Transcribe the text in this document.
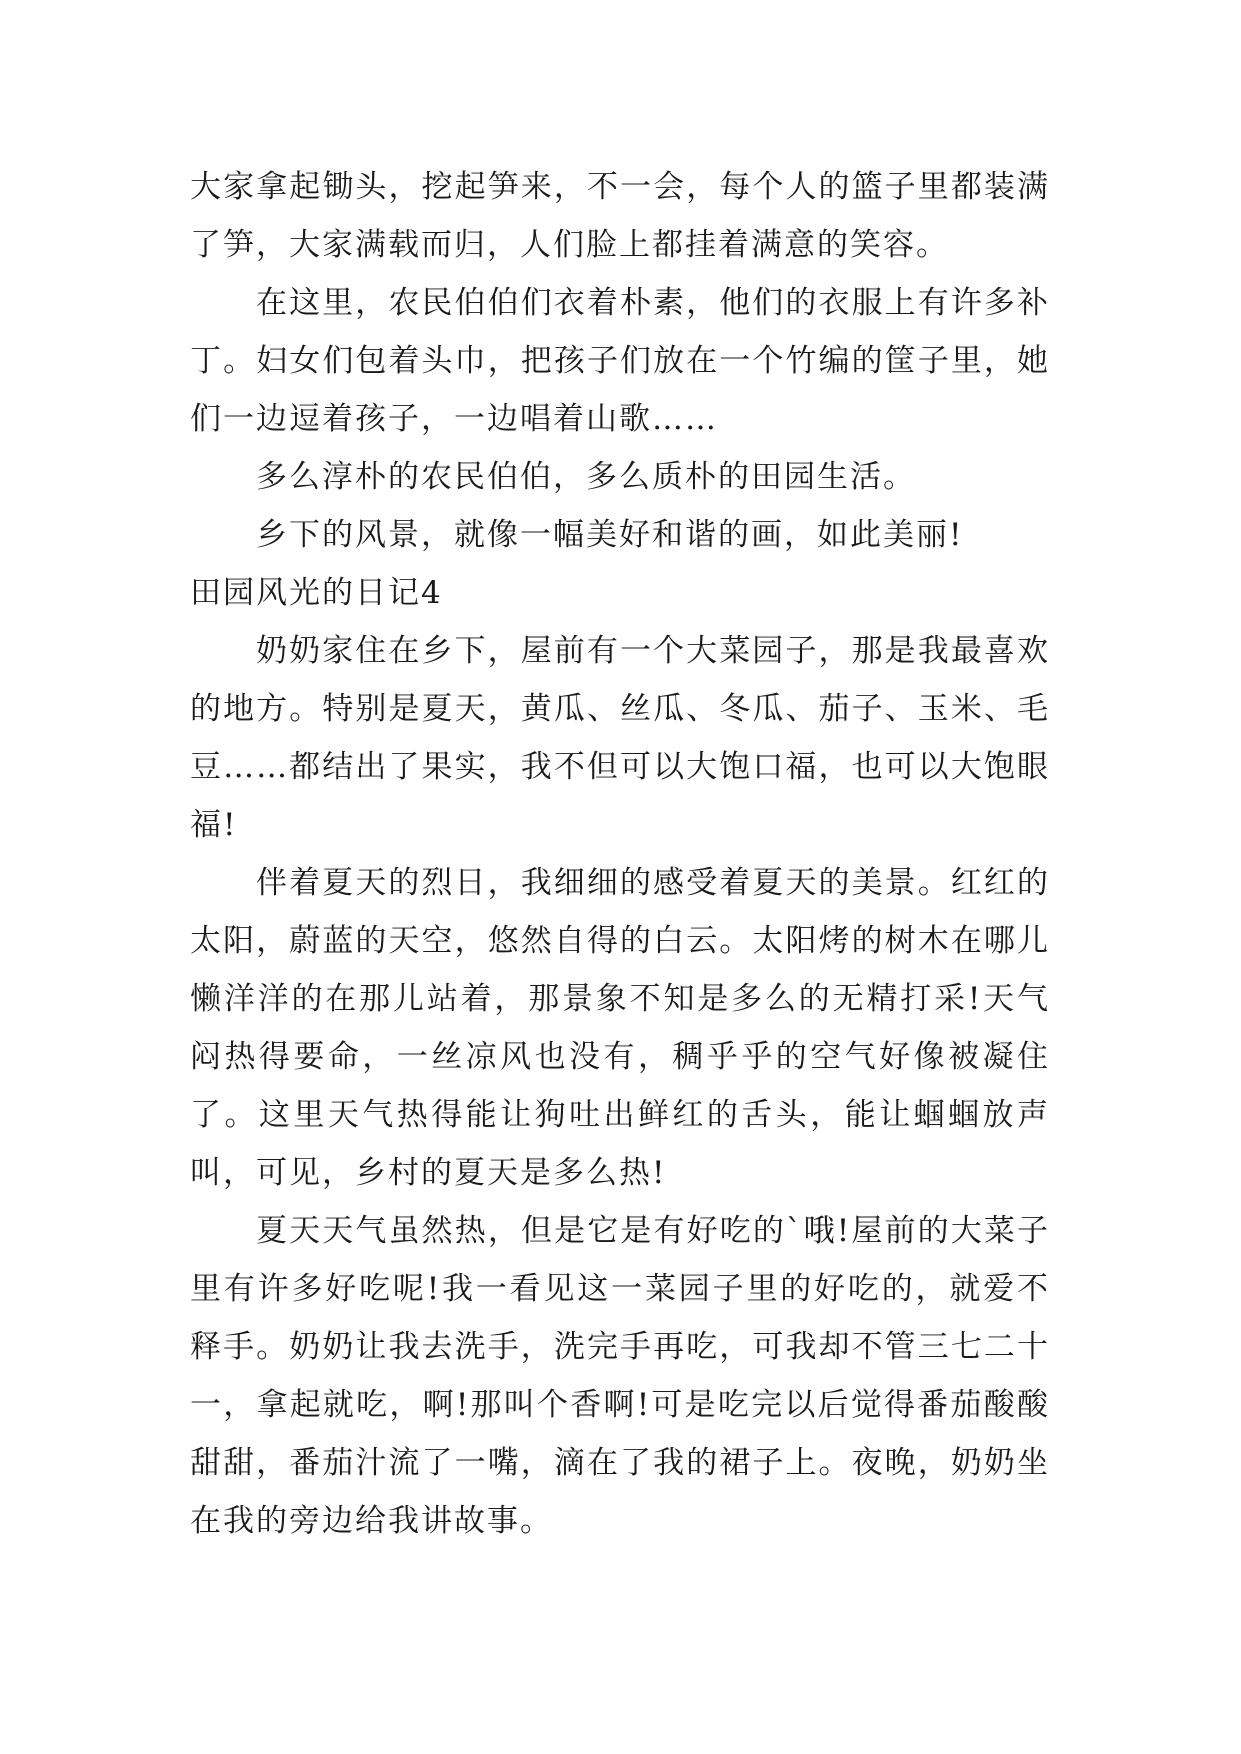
大家拿起锄头，挖起笋来，不一会，每个人的篮子里都装满了笋，大家满载而归，人们脸上都挂着满意的笑容。

在这里，农民伯伯们衣着朴素，他们的衣服上有许多补丁。妇女们包着头巾，把孩子们放在一个竹编的筐子里，她们一边逗着孩子，一边唱着山歌……

多么淳朴的农民伯伯，多么质朴的田园生活。

乡下的风景，就像一幅美好和谐的画，如此美丽!

田园风光的日记4

奶奶家住在乡下，屋前有一个大菜园子，那是我最喜欢的地方。特别是夏天，黄瓜、丝瓜、冬瓜、茄子、玉米、毛豆……都结出了果实，我不但可以大饱口福，也可以大饱眼福!

伴着夏天的烈日，我细细的感受着夏天的美景。红红的太阳，蔚蓝的天空，悠然自得的白云。太阳烤的树木在哪儿懒洋洋的在那儿站着，那景象不知是多么的无精打采!天气闷热得要命，一丝凉风也没有，稠乎乎的空气好像被凝住了。这里天气热得能让狗吐出鲜红的舌头，能让蝈蝈放声叫，可见，乡村的夏天是多么热!

夏天天气虽然热，但是它是有好吃的`哦!屋前的大菜子里有许多好吃呢!我一看见这一菜园子里的好吃的，就爱不释手。奶奶让我去洗手，洗完手再吃，可我却不管三七二十一，拿起就吃，啊!那叫个香啊!可是吃完以后觉得番茄酸酸甜甜，番茄汁流了一嘴，滴在了我的裙子上。夜晚，奶奶坐在我的旁边给我讲故事。
